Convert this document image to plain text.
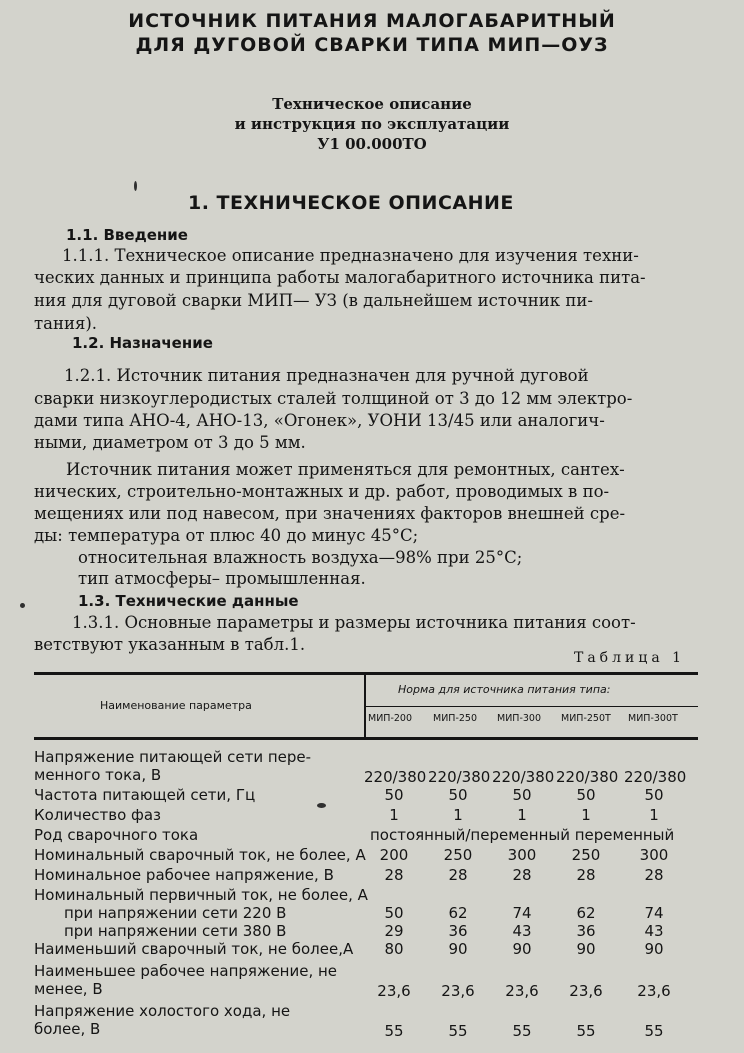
ИСТОЧНИК ПИТАНИЯ МАЛОГАБАРИТНЫЙ
ДЛЯ ДУГОВОЙ СВАРКИ ТИПА МИП—ОУЗ
Техническое описание
и инструкция по эксплуатации
У1 00.000ТО
1. ТЕХНИЧЕСКОЕ ОПИСАНИЕ
1.1. Введение
1.1.1. Техническое описание предназначено для изучения техни-
ческих данных и принципа работы малогабаритного источника пита-
ния для дуговой сварки МИП— УЗ (в дальнейшем источник пи-
тания).
1.2. Назначение
1.2.1. Источник питания предназначен для ручной дуговой
сварки низкоуглеродистых сталей толщиной от 3 до 12 мм электро-
дами типа АНО-4, АНО-13, «Огонек», УОНИ 13/45 или аналогич-
ными, диаметром от 3 до 5 мм.
Источник питания может применяться для ремонтных, сантех-
нических, строительно-монтажных и др. работ, проводимых в по-
мещениях или под навесом, при значениях факторов внешней сре-
ды: температура от плюс 40 до минус 45°С;
относительная влажность воздуха—98% при 25°С;
тип атмосферы– промышленная.
1.3. Технические данные
1.3.1. Основные параметры и размеры источника питания соот-
ветствуют указанным в табл.1.
Таблица 1
Наименование параметра
Норма для источника питания типа:
МИП-200 МИП-250 МИП-300 МИП-250Т МИП-300Т
Напряжение питающей сети пере-
менного тока, В	220/380 220/380 220/380 220/380 220/380
Частота питающей сети, Гц	50	50	50	50	50
Количество фаз	1	1	1	1	1
Род сварочного тока	постоянный/переменный переменный
Номинальный сварочный ток, не более, А 200	250	300	250	300
Номинальное рабочее напряжение, В	28	28	28	28	28
Номинальный первичный ток, не более, А
при напряжении сети 220 В	50	62	74	62	74
при напряжении сети 380 В	29	36	43	36	43
Наименьший сварочный ток, не более,А	80	90	90	90	90
Наименьшее рабочее напряжение, не
менее, В	23,6	23,6	23,6	23,6	23,6
Напряжение холостого хода, не
более, В	55	55	55	55	55
